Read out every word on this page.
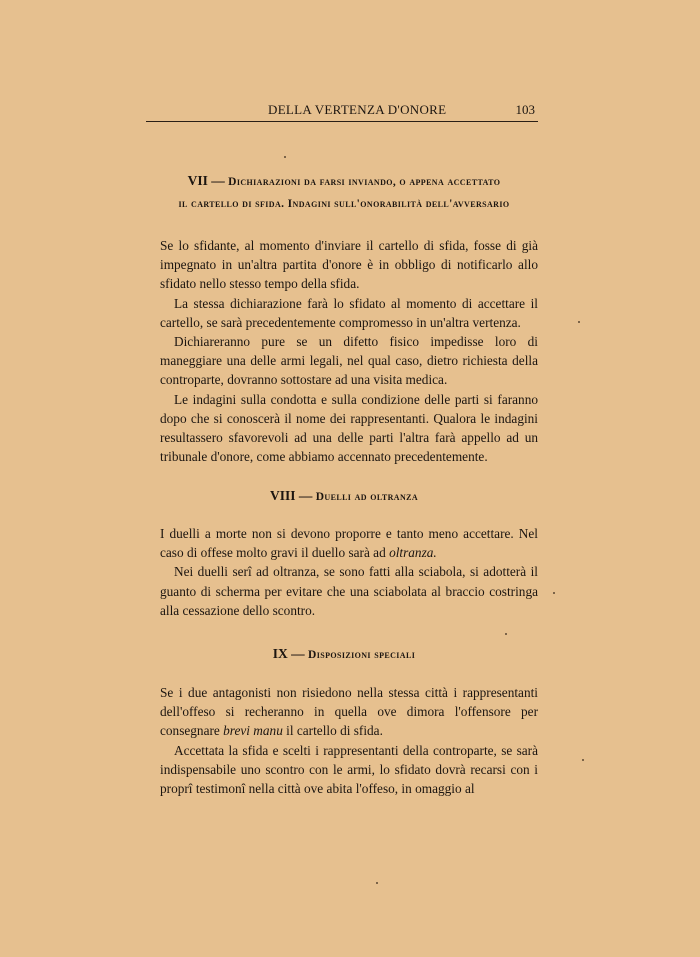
DELLA VERTENZA D'ONORE	103
VII — Dichiarazioni da farsi inviando, o appena accettato
il cartello di sfida. Indagini sull'onorabilità dell'avversario

Se lo sfidante, al momento d'inviare il cartello di sfida, fosse di già impegnato in un'altra partita d'onore è in obbligo di notificarlo allo sfidato nello stesso tempo della sfida.

La stessa dichiarazione farà lo sfidato al momento di accettare il cartello, se sarà precedentemente compromesso in un'altra vertenza.

Dichiareranno pure se un difetto fisico impedisse loro di maneggiare una delle armi legali, nel qual caso, dietro richiesta della controparte, dovranno sottostare ad una visita medica.

Le indagini sulla condotta e sulla condizione delle parti si faranno dopo che si conoscerà il nome dei rappresentanti. Qualora le indagini resultassero sfavorevoli ad una delle parti l'altra farà appello ad un tribunale d'onore, come abbiamo accennato precedentemente.

VIII — Duelli ad oltranza

I duelli a morte non si devono proporre e tanto meno accettare. Nel caso di offese molto gravi il duello sarà ad oltranza.

Nei duelli serî ad oltranza, se sono fatti alla sciabola, si adotterà il guanto di scherma per evitare che una sciabolata al braccio costringa alla cessazione dello scontro.

IX — Disposizioni speciali

Se i due antagonisti non risiedono nella stessa città i rappresentanti dell'offeso si recheranno in quella ove dimora l'offensore per consegnare brevi manu il cartello di sfida.

Accettata la sfida e scelti i rappresentanti della controparte, se sarà indispensabile uno scontro con le armi, lo sfidato dovrà recarsi con i proprî testimonî nella città ove abita l'offeso, in omaggio al
